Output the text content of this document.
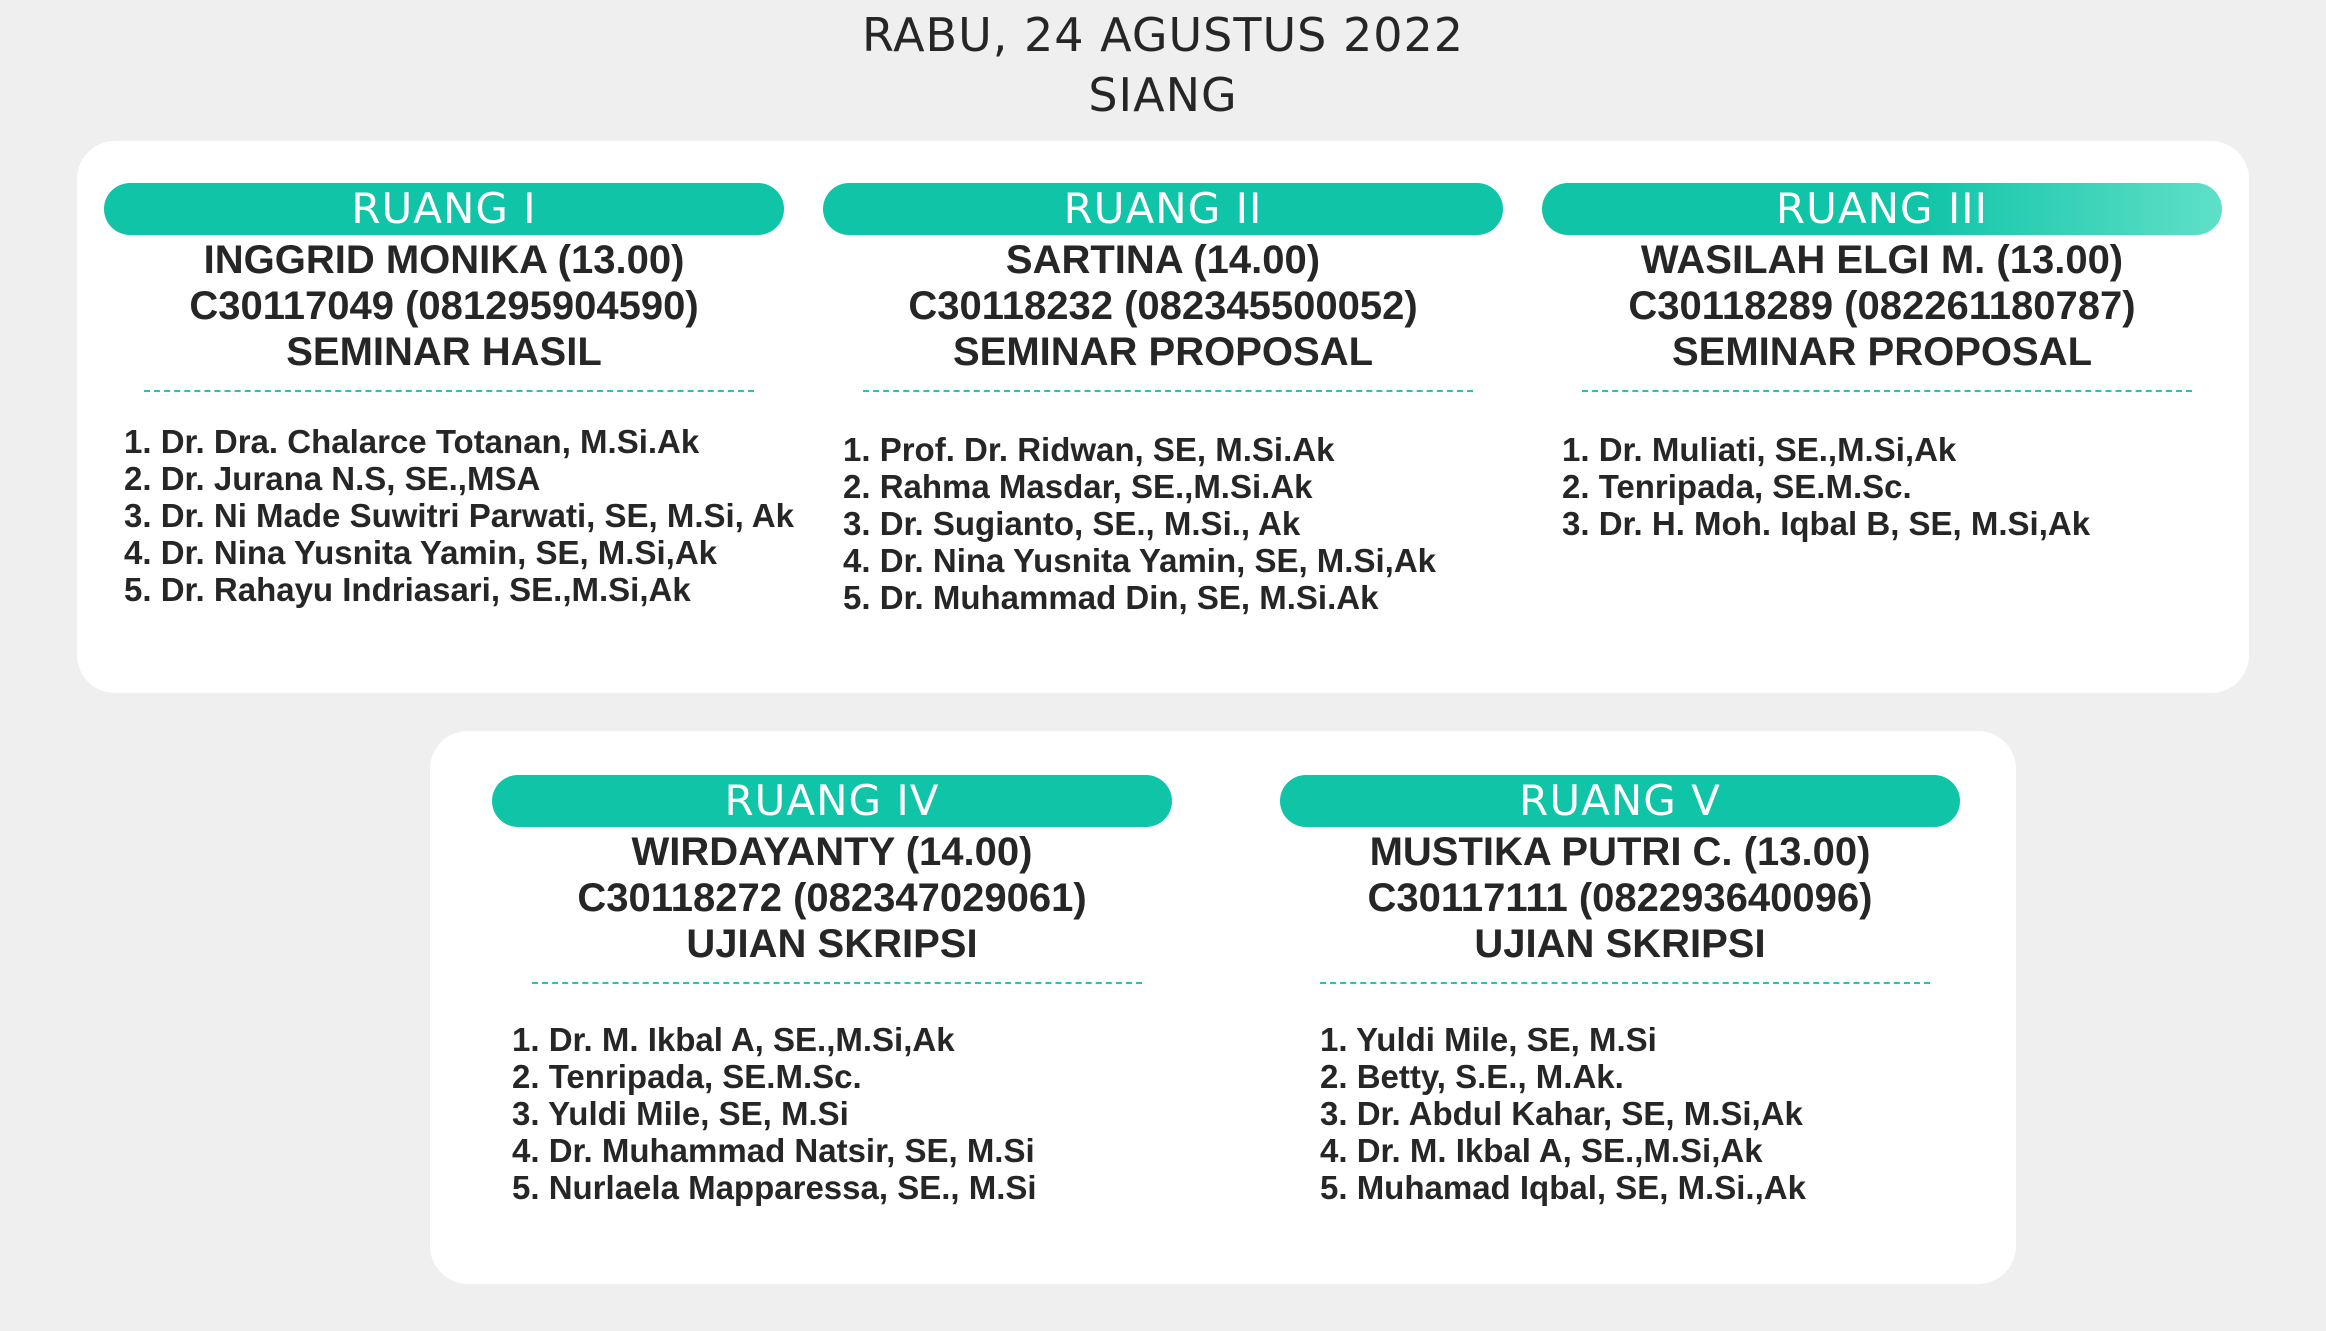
RABU, 24 AGUSTUS 2022
SIANG
RUANG I
INGGRID MONIKA (13.00)
C30117049 (081295904590)
SEMINAR HASIL
1. Dr. Dra. Chalarce Totanan, M.Si.Ak
2. Dr. Jurana N.S, SE.,MSA
3. Dr. Ni Made Suwitri Parwati, SE, M.Si, Ak
4. Dr. Nina Yusnita Yamin, SE, M.Si,Ak
5. Dr. Rahayu Indriasari, SE.,M.Si,Ak
RUANG II
SARTINA (14.00)
C30118232 (082345500052)
SEMINAR PROPOSAL
1. Prof. Dr. Ridwan, SE, M.Si.Ak
2. Rahma Masdar, SE.,M.Si.Ak
3. Dr. Sugianto, SE., M.Si., Ak
4. Dr. Nina Yusnita Yamin, SE, M.Si,Ak
5. Dr. Muhammad Din, SE, M.Si.Ak
RUANG III
WASILAH ELGI M. (13.00)
C30118289 (082261180787)
SEMINAR PROPOSAL
1. Dr. Muliati, SE.,M.Si,Ak
2. Tenripada, SE.M.Sc.
3. Dr. H. Moh. Iqbal B, SE, M.Si,Ak
RUANG IV
WIRDAYANTY (14.00)
C30118272 (082347029061)
UJIAN SKRIPSI
1. Dr. M. Ikbal A, SE.,M.Si,Ak
2. Tenripada, SE.M.Sc.
3. Yuldi Mile, SE, M.Si
4. Dr. Muhammad Natsir, SE, M.Si
5. Nurlaela Mapparessa, SE., M.Si
RUANG V
MUSTIKA PUTRI C. (13.00)
C30117111 (082293640096)
UJIAN SKRIPSI
1. Yuldi Mile, SE, M.Si
2. Betty, S.E., M.Ak.
3. Dr. Abdul Kahar, SE, M.Si,Ak
4. Dr. M. Ikbal A, SE.,M.Si,Ak
5. Muhamad Iqbal, SE, M.Si.,Ak
